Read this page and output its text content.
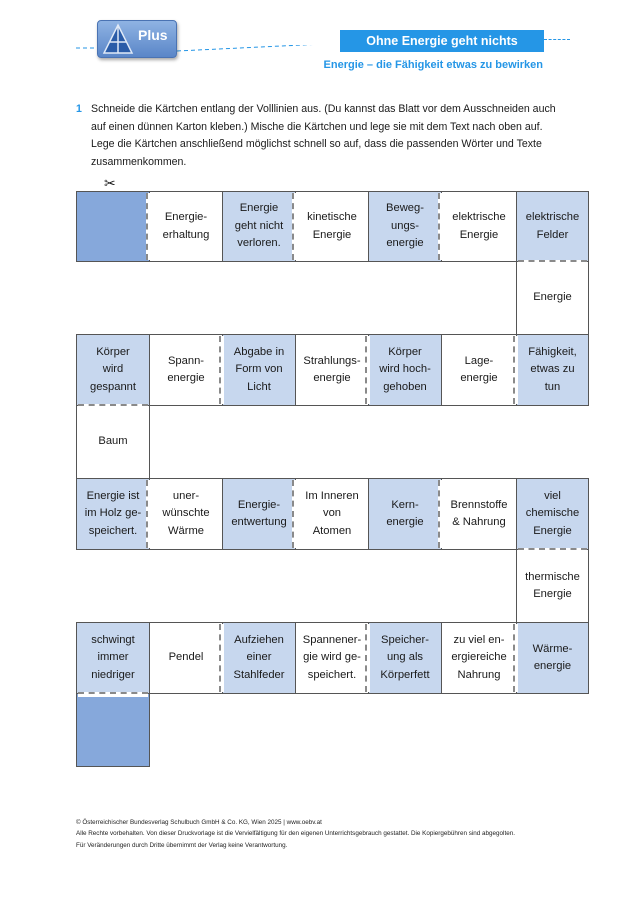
Plus	Ohne Energie geht nichts
Energie – die Fähigkeit etwas zu bewirken
1 Schneide die Kärtchen entlang der Volllinien aus. (Du kannst das Blatt vor dem Ausschneiden auch auf einen dünnen Karton kleben.) Mische die Kärtchen und lege sie mit dem Text nach oben auf. Lege die Kärtchen anschließend möglichst schnell so auf, dass die passenden Wörter und Texte zusammenkommen.
✂
Energie-
erhaltung
Energie
geht nicht
verloren.
kinetische
Energie
Beweg-
ungs-
energie
elektrische
Energie
elektrische
Felder
Energie
Körper
wird
gespannt
Spann-
energie
Abgabe in
Form von
Licht
Strahlungs-
energie
Körper
wird hoch-
gehoben
Lage-
energie
Fähigkeit,
etwas zu
tun
Baum
Energie ist
im Holz ge-
speichert.
uner-
wünschte
Wärme
Energie-
entwertung
Im Inneren
von
Atomen
Kern-
energie
Brennstoffe
& Nahrung
viel
chemische
Energie
thermische
Energie
schwingt
immer
niedriger
Pendel
Aufziehen
einer
Stahlfeder
Spannener-
gie wird ge-
speichert.
Speicher-
ung als
Körperfett
zu viel en-
ergiereiche
Nahrung
Wärme-
energie
© Österreichischer Bundesverlag Schulbuch GmbH & Co. KG, Wien 2025 | www.oebv.at
Alle Rechte vorbehalten. Von dieser Druckvorlage ist die Vervielfältigung für den eigenen Unterrichtsgebrauch gestattet. Die Kopiergebühren sind abgegolten.
Für Veränderungen durch Dritte übernimmt der Verlag keine Verantwortung.
